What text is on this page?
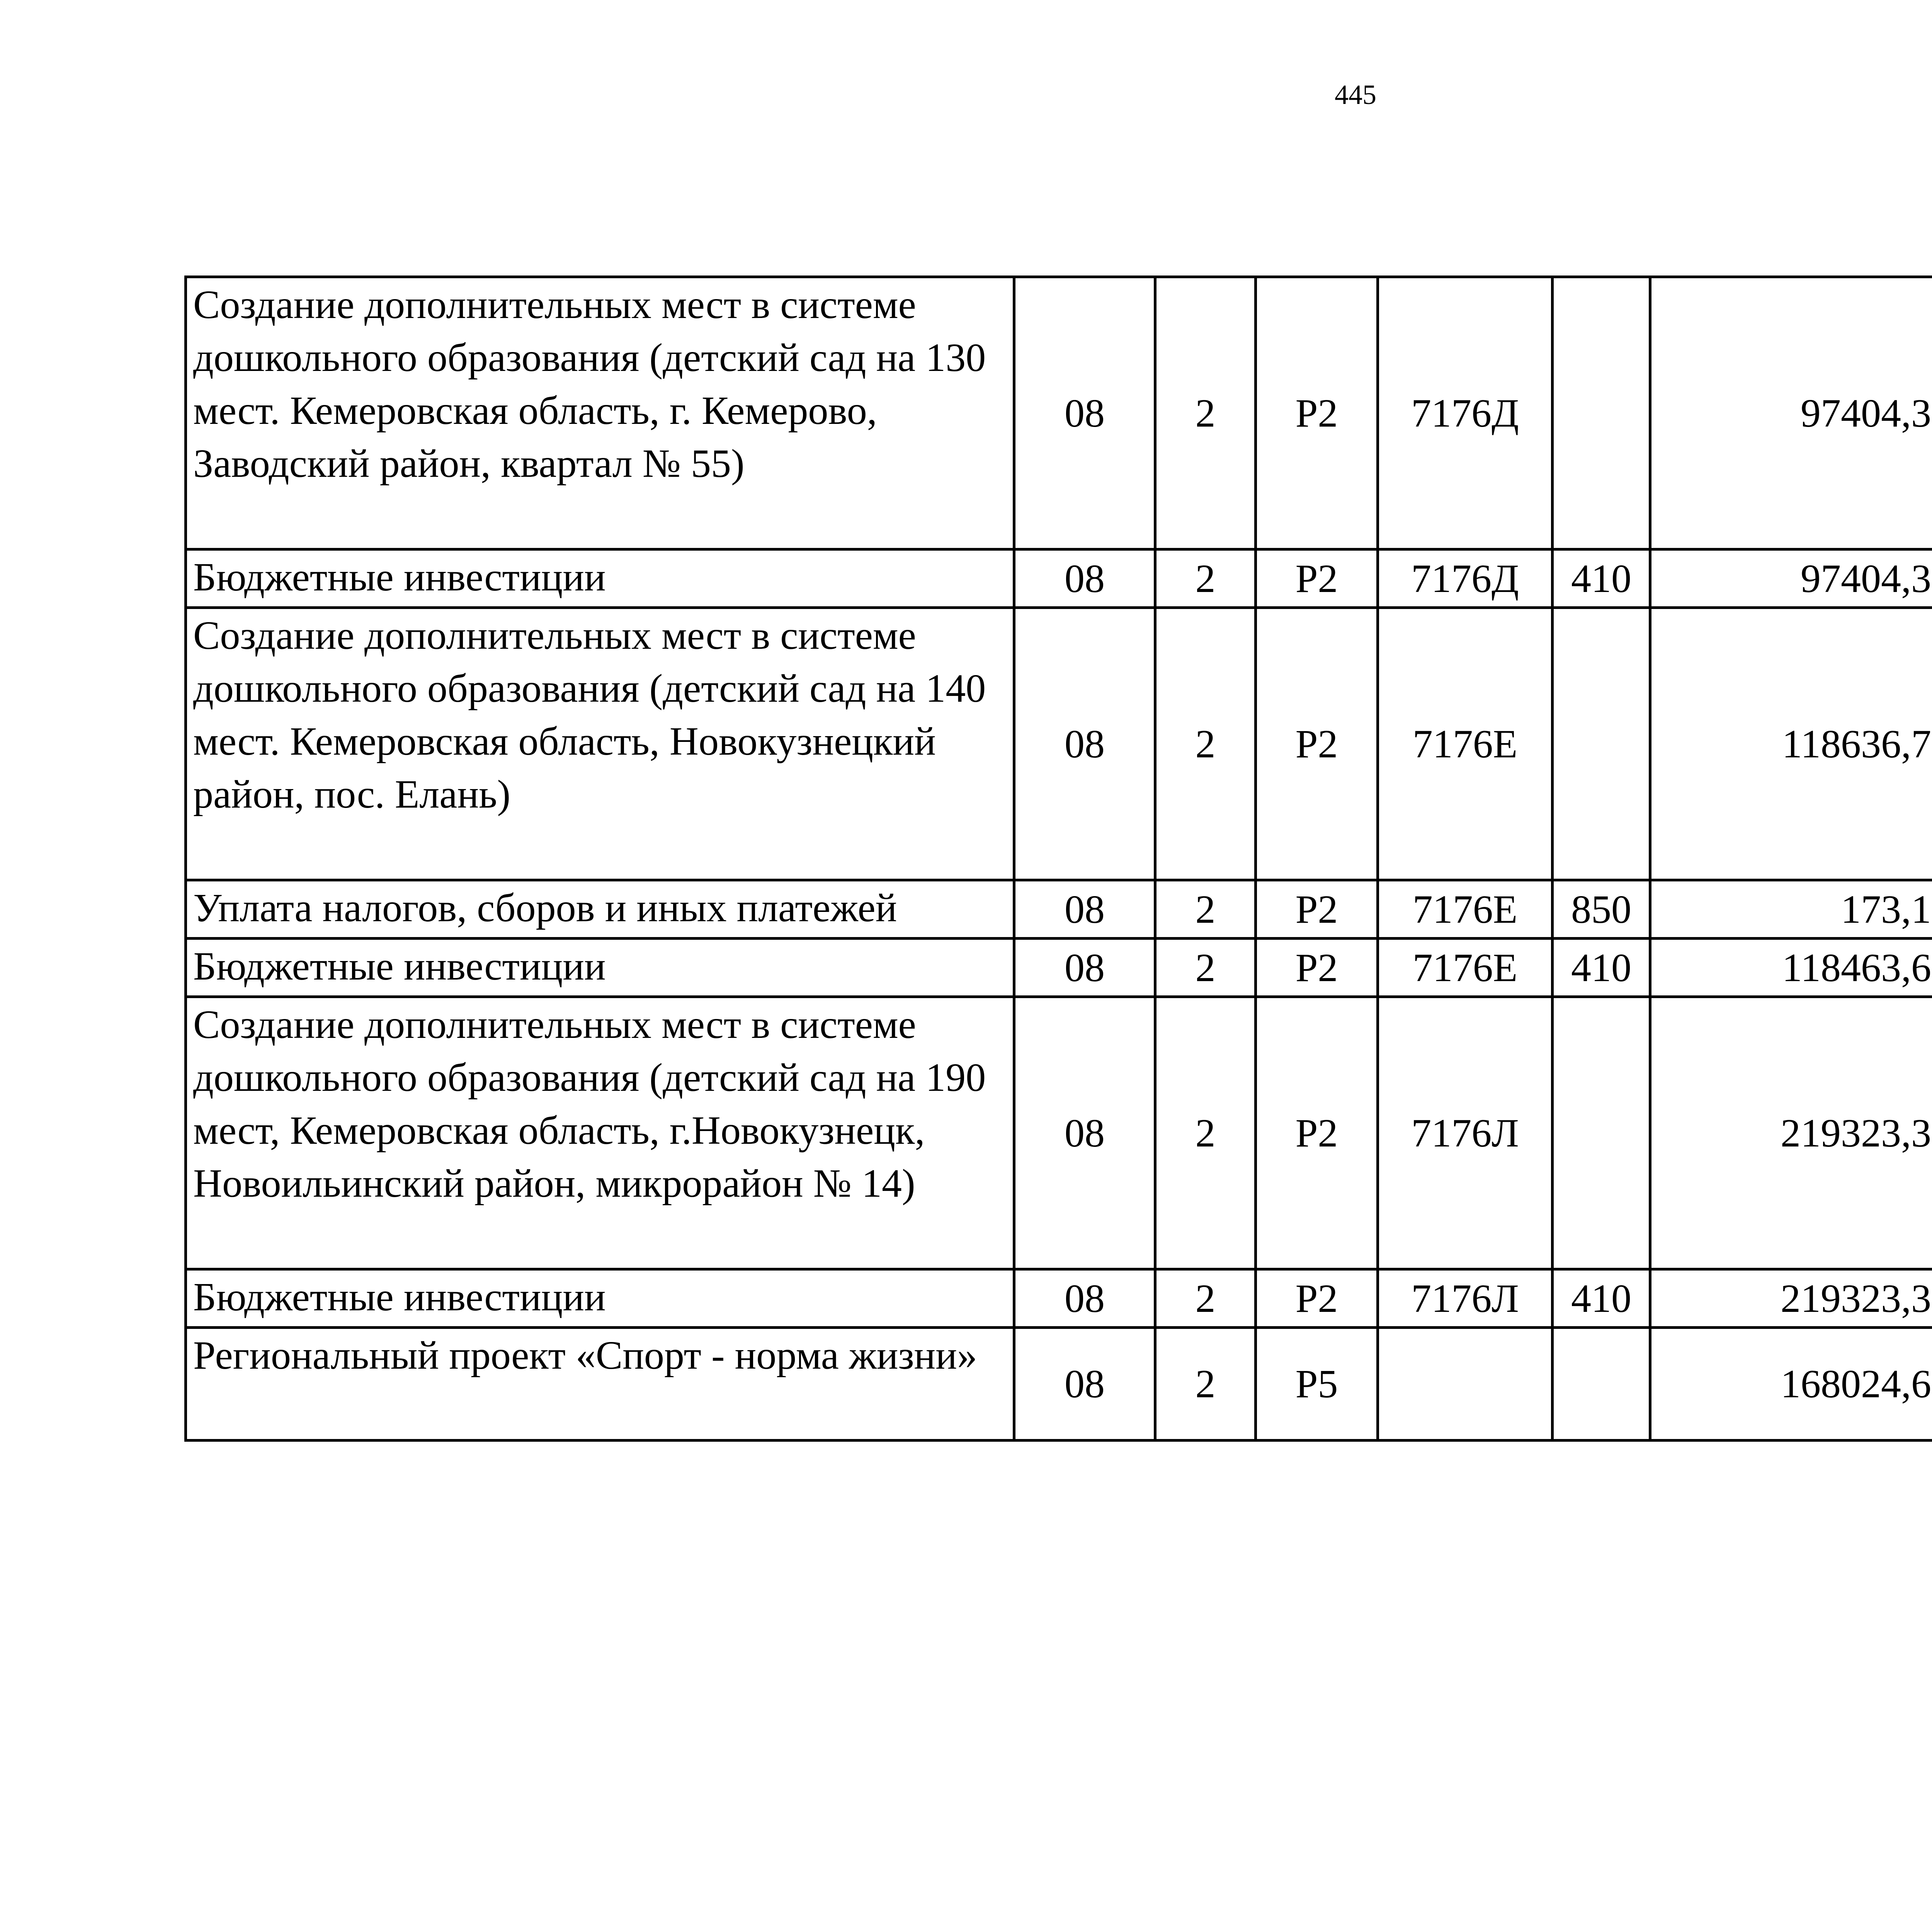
445
Создание дополнительных мест в системе дошкольного образования (детский сад на 130 мест. Кемеровская область, г. Кемерово, Заводский район, квартал № 55)	08	2	P2	7176Д		97404,3		
Бюджетные инвестиции	08	2	P2	7176Д	410	97404,3		
Создание дополнительных мест в системе дошкольного образования (детский сад на 140 мест. Кемеровская область, Новокузнецкий район, пос. Елань)	08	2	P2	7176Е		118636,7		
Уплата налогов, сборов и иных платежей	08	2	P2	7176Е	850	173,1		
Бюджетные инвестиции	08	2	P2	7176Е	410	118463,6		
Создание дополнительных мест в системе дошкольного образования (детский сад на 190 мест, Кемеровская область, г.Новокузнецк, Новоильинский район, микрорайон № 14)	08	2	P2	7176Л		219323,3		
Бюджетные инвестиции	08	2	P2	7176Л	410	219323,3		
Региональный проект «Спорт - норма жизни»	08	2	P5			168024,6		
